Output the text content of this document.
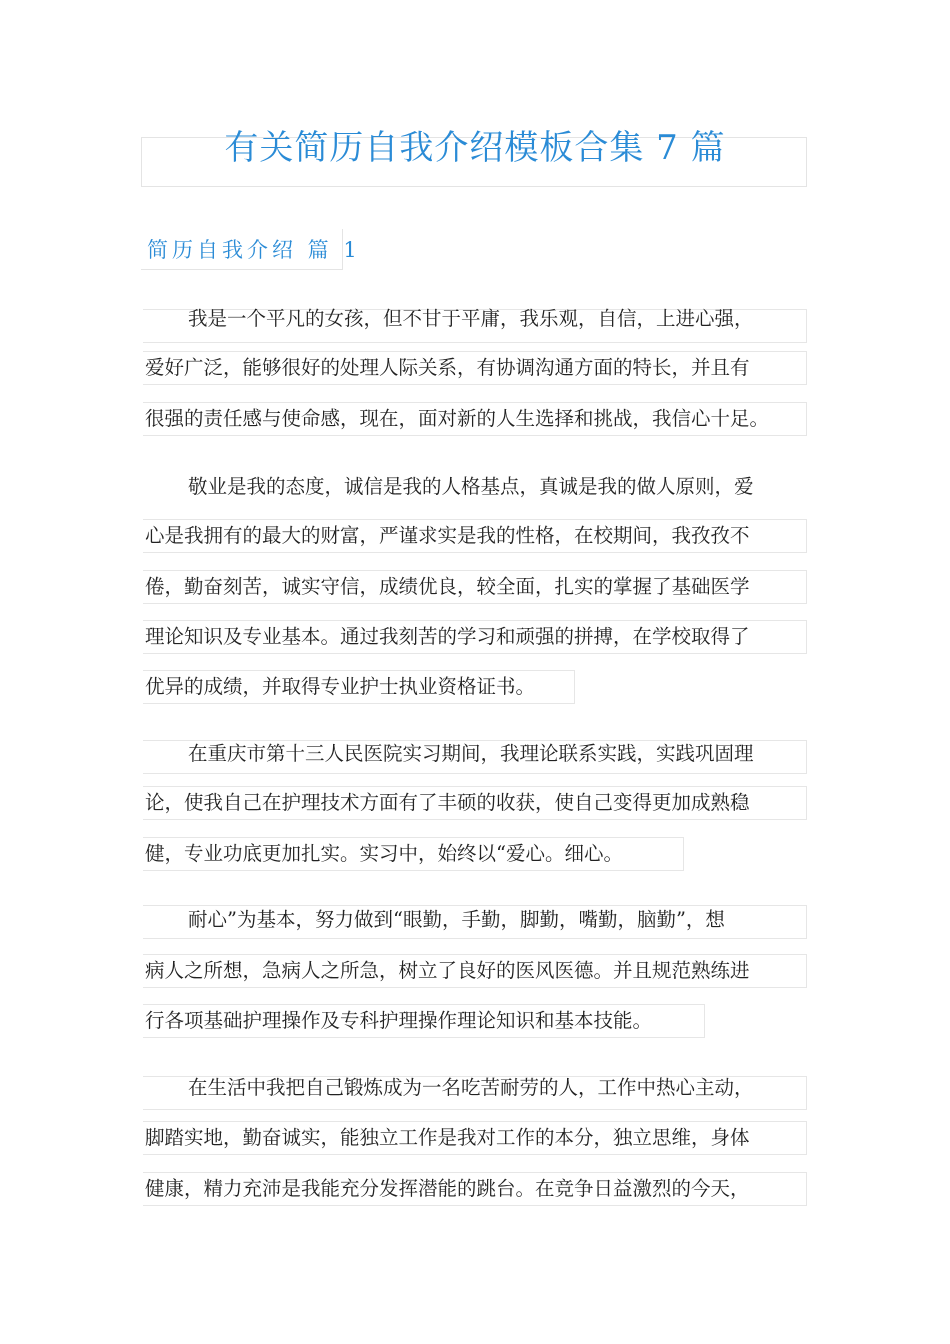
有关简历自我介绍模板合集 7 篇
简历自我介绍 篇 1
我是一个平凡的女孩，但不甘于平庸，我乐观，自信，上进心强，
爱好广泛，能够很好的处理人际关系，有协调沟通方面的特长，并且有
很强的责任感与使命感，现在，面对新的人生选择和挑战，我信心十足。
敬业是我的态度，诚信是我的人格基点，真诚是我的做人原则，爱
心是我拥有的最大的财富，严谨求实是我的性格，在校期间，我孜孜不
倦，勤奋刻苦，诚实守信，成绩优良，较全面，扎实的掌握了基础医学
理论知识及专业基本。通过我刻苦的学习和顽强的拼搏，在学校取得了
优异的成绩，并取得专业护士执业资格证书。
在重庆市第十三人民医院实习期间，我理论联系实践，实践巩固理
论，使我自己在护理技术方面有了丰硕的收获，使自己变得更加成熟稳
健，专业功底更加扎实。实习中，始终以“爱心。细心。
耐心”为基本，努力做到“眼勤，手勤，脚勤，嘴勤，脑勤”，想
病人之所想，急病人之所急，树立了良好的医风医德。并且规范熟练进
行各项基础护理操作及专科护理操作理论知识和基本技能。
在生活中我把自己锻炼成为一名吃苦耐劳的人，工作中热心主动，
脚踏实地，勤奋诚实，能独立工作是我对工作的本分，独立思维，身体
健康，精力充沛是我能充分发挥潜能的跳台。在竞争日益激烈的今天，
